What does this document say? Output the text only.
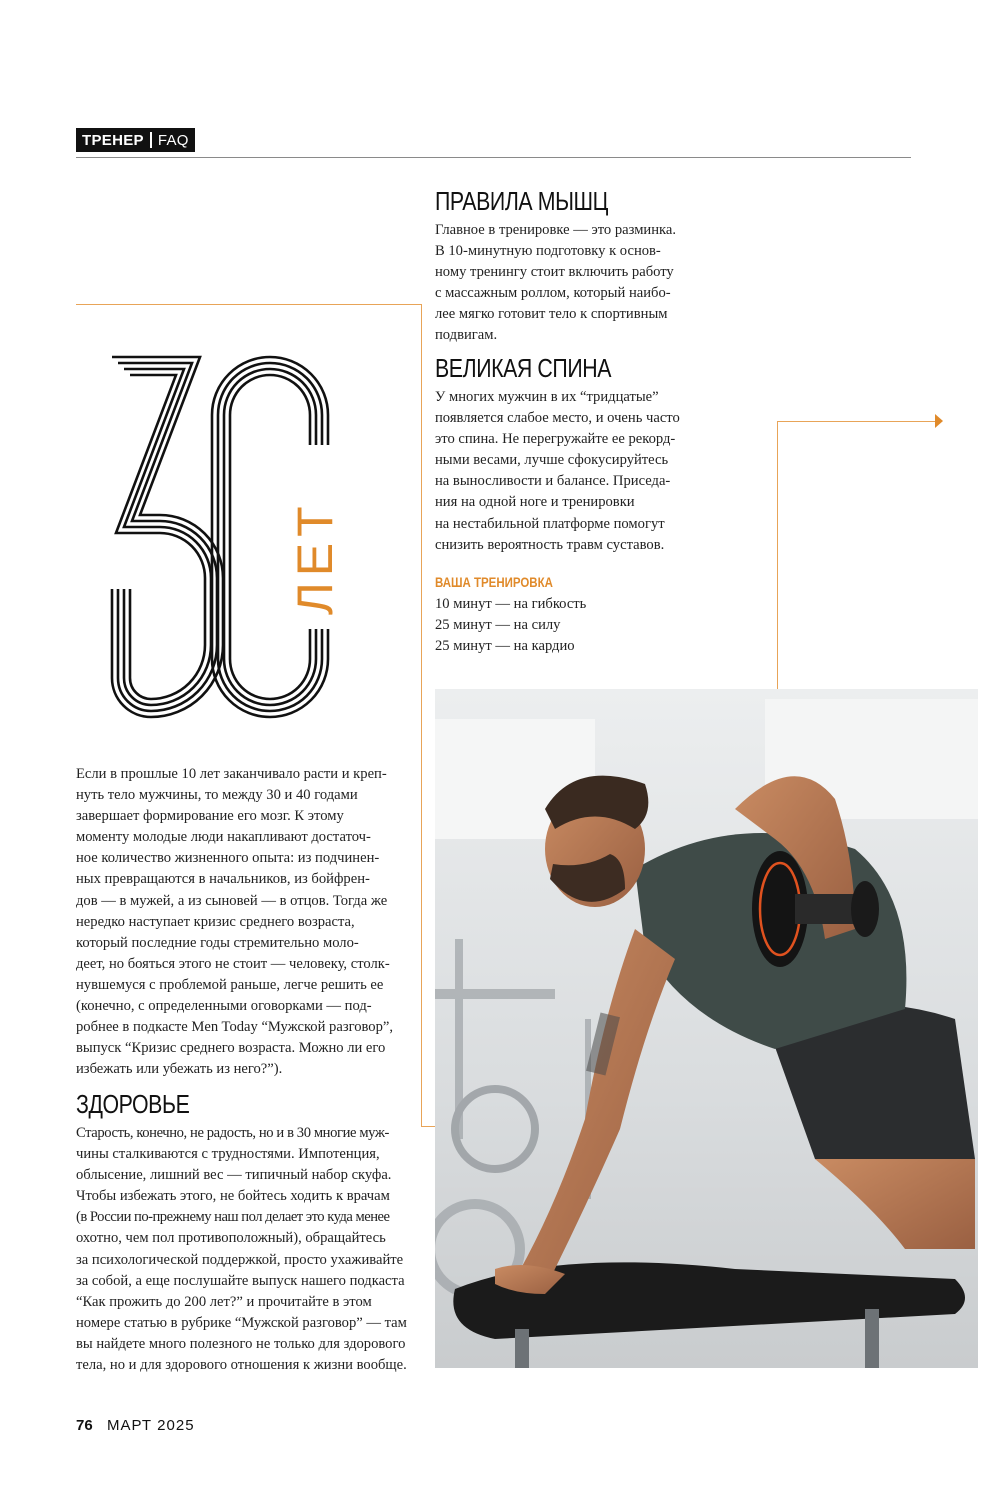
ТРЕНЕР FAQ
30
ЛЕТ
ПРАВИЛА МЫШЦ
Главное в тренировке — это разминка.
В 10-минутную подготовку к основ-
ному тренингу стоит включить работу
с массажным роллом, который наибо-
лее мягко готовит тело к спортивным
подвигам.
ВЕЛИКАЯ СПИНА
У многих мужчин в их “тридцатые”
появляется слабое место, и очень часто
это спина. Не перегружайте ее рекорд-
ными весами, лучше сфокусируйтесь
на выносливости и балансе. Приседа-
ния на одной ноге и тренировки
на нестабильной платформе помогут
снизить вероятность травм суставов.
ВАША ТРЕНИРОВКА
10 минут — на гибкость
25 минут — на силу
25 минут — на кардио
Если в прошлые 10 лет заканчивало расти и креп-
нуть тело мужчины, то между 30 и 40 годами
завершает формирование его мозг. К этому
моменту молодые люди накапливают достаточ-
ное количество жизненного опыта: из подчинен-
ных превращаются в начальников, из бойфрен-
дов — в мужей, а из сыновей — в отцов. Тогда же
нередко наступает кризис среднего возраста,
который последние годы стремительно моло-
деет, но бояться этого не стоит — человеку, столк-
нувшемуся с проблемой раньше, легче решить ее
(конечно, с определенными оговорками — под-
робнее в подкасте Men Today “Мужской разговор”,
выпуск “Кризис среднего возраста. Можно ли его
избежать или убежать из него?”).
ЗДОРОВЬЕ
Старость, конечно, не радость, но и в 30 многие муж-
чины сталкиваются с трудностями. Импотенция,
облысение, лишний вес — типичный набор скуфа.
Чтобы избежать этого, не бойтесь ходить к врачам
(в России по-прежнему наш пол делает это куда менее
охотно, чем пол противоположный), обращайтесь
за психологической поддержкой, просто ухаживайте
за собой, а еще послушайте выпуск нашего подкаста
“Как прожить до 200 лет?” и прочитайте в этом
номере статью в рубрике “Мужской разговор” — там
вы найдете много полезного не только для здорового
тела, но и для здорового отношения к жизни вообще.
76 МАРТ 2025
